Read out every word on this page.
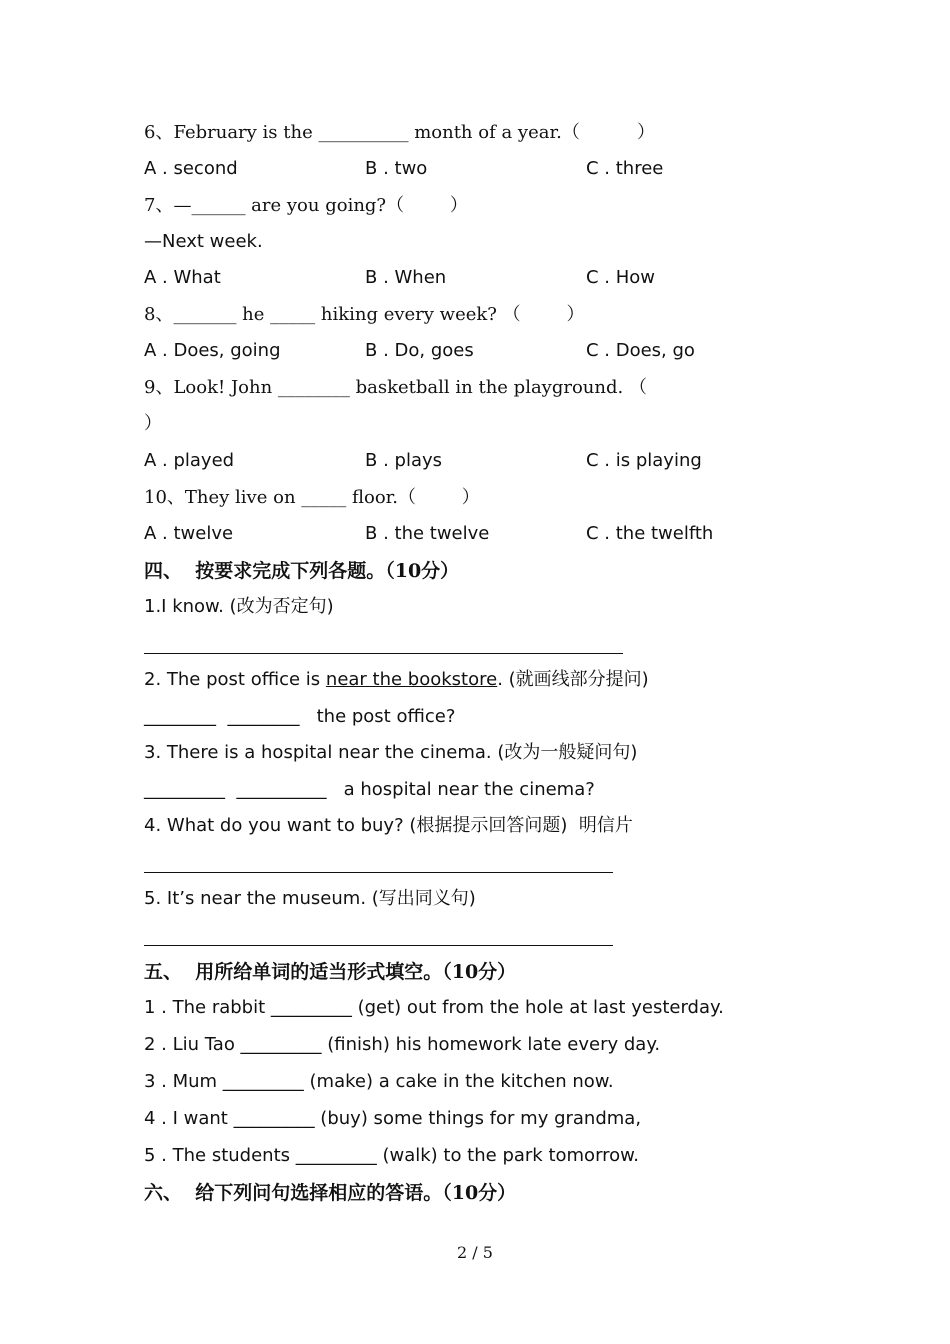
6、February is the __________ month of a year.（          ）
A . second	B . two	C . three
7、—______ are you going?（        ）
—Next week.
A . What	B . When	C . How
8、_______ he _____ hiking every week? （        ）
A . Does, going	B . Do, goes	C . Does, go
9、Look! John ________ basketball in the playground. （
）
A . played	B . plays	C . is playing
10、They live on _____ floor.（        ）
A . twelve	B . the twelve	C . the twelfth
四、  按要求完成下列各题。（10分）
1.I know. (改为否定句)
2. The post office is near the bookstore. (就画线部分提问)
________  ________   the post office?
3. There is a hospital near the cinema. (改为一般疑问句)
_________  __________   a hospital near the cinema?
4. What do you want to buy? (根据提示回答问题)  明信片
5. It’s near the museum. (写出同义句)
五、  用所给单词的适当形式填空。（10分）
1 . The rabbit _________ (get) out from the hole at last yesterday.
2 . Liu Tao _________ (finish) his homework late every day.
3 . Mum _________ (make) a cake in the kitchen now.
4 . I want _________ (buy) some things for my grandma,
5 . The students _________ (walk) to the park tomorrow.
六、  给下列问句选择相应的答语。（10分）
2 / 5
